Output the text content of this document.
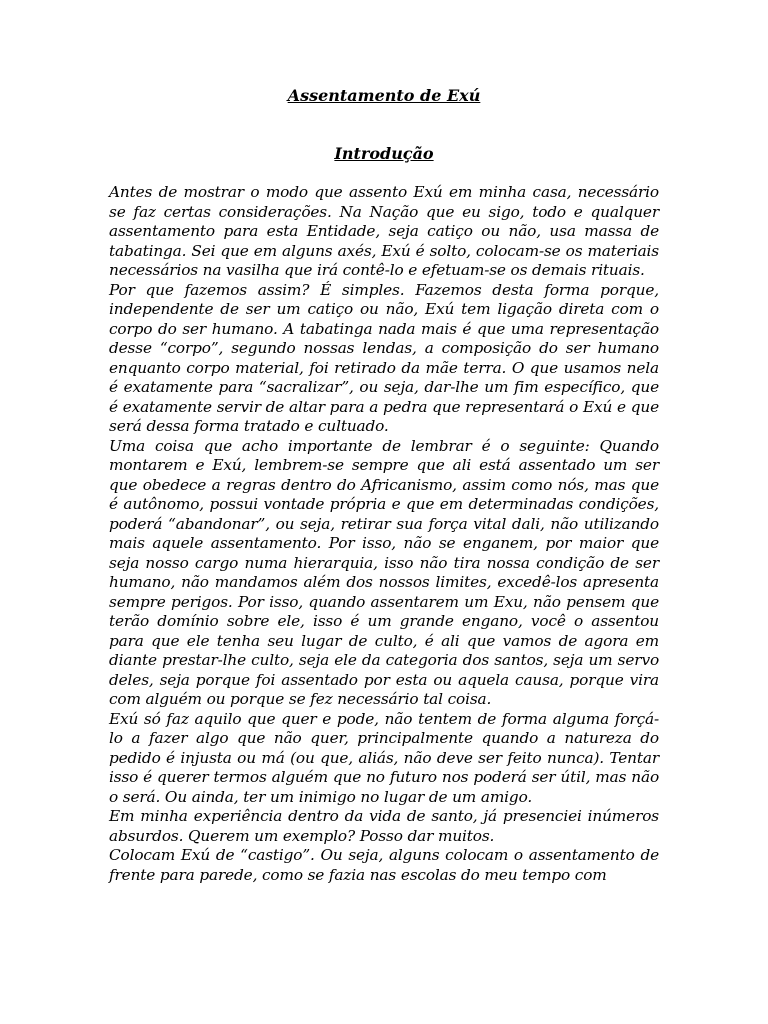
Assentamento de Exú
Introdução

Antes de mostrar o modo que assento Exú em minha casa, necessário se faz certas considerações. Na Nação que eu sigo, todo e qualquer assentamento para esta Entidade, seja catiço ou não, usa massa de tabatinga. Sei que em alguns axés, Exú é solto, colocam-se os materiais necessários na vasilha que irá contê-lo e efetuam-se os demais rituais.

Por que fazemos assim? É simples. Fazemos desta forma porque, independente de ser um catiço ou não, Exú tem ligação direta com o corpo do ser humano. A tabatinga nada mais é que uma representação desse “corpo”, segundo nossas lendas, a composição do ser humano enquanto corpo material, foi retirado da mãe terra. O que usamos nela é exatamente para “sacralizar”, ou seja, dar-lhe um fim específico, que é exatamente servir de altar para a pedra que representará o Exú e que será dessa forma tratado e cultuado.

Uma coisa que acho importante de lembrar é o seguinte: Quando montarem e Exú, lembrem-se sempre que ali está assentado um ser que obedece a regras dentro do Africanismo, assim como nós, mas que é autônomo, possui vontade própria e que em determinadas condições, poderá “abandonar”, ou seja, retirar sua força vital dali, não utilizando mais aquele assentamento. Por isso, não se enganem, por maior que seja nosso cargo numa hierarquia, isso não tira nossa condição de ser humano, não mandamos além dos nossos limites, excedê-los apresenta sempre perigos. Por isso, quando assentarem um Exu, não pensem que terão domínio sobre ele, isso é um grande engano, você o assentou para que ele tenha seu lugar de culto, é ali que vamos de agora em diante prestar-lhe culto, seja ele da categoria dos santos, seja um servo deles, seja porque foi assentado por esta ou aquela causa, porque vira com alguém ou porque se fez necessário tal coisa.

Exú só faz aquilo que quer e pode, não tentem de forma alguma forçá-lo a fazer algo que não quer, principalmente quando a natureza do pedido é injusta ou má (ou que, aliás, não deve ser feito nunca). Tentar isso é querer termos alguém que no futuro nos poderá ser útil, mas não o será. Ou ainda, ter um inimigo no lugar de um amigo.

Em minha experiência dentro da vida de santo, já presenciei inúmeros absurdos. Querem um exemplo? Posso dar muitos.

Colocam Exú de “castigo”. Ou seja, alguns colocam o assentamento de frente para parede, como se fazia nas escolas do meu tempo com
